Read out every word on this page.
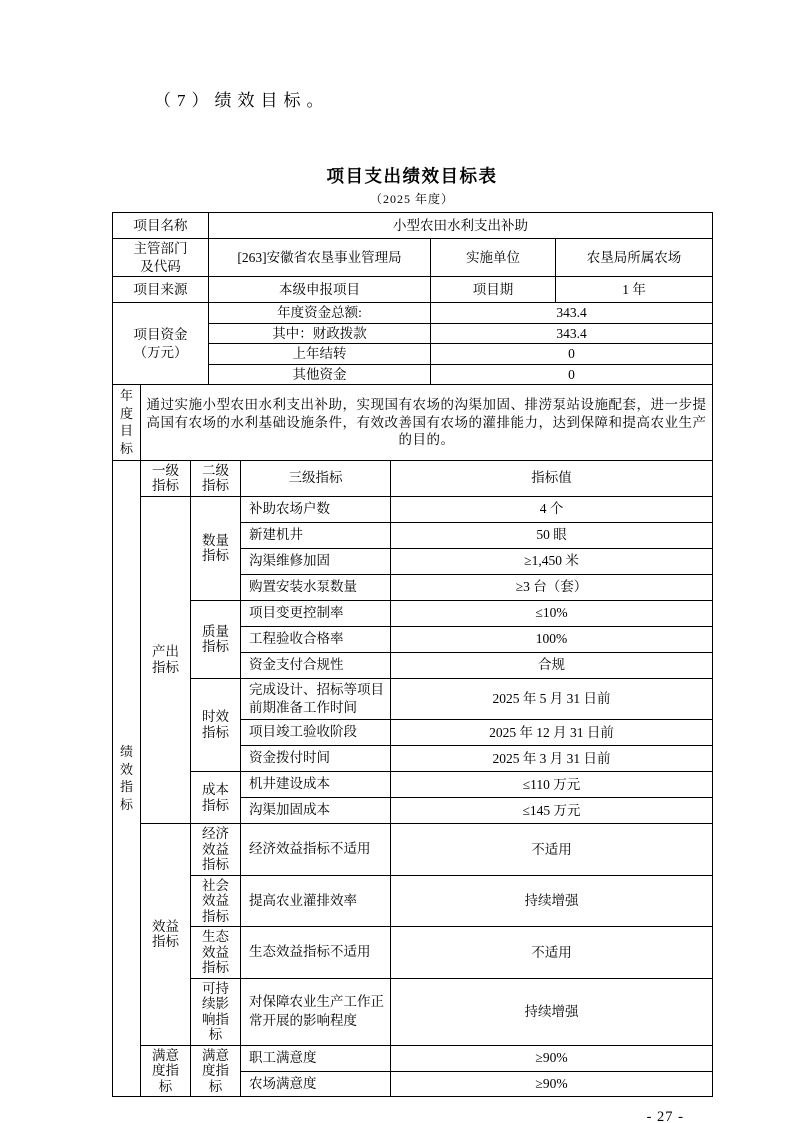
（7）绩效目标。

项目支出绩效目标表
（2025 年度）
项目名称	小型农田水利支出补助		
主管部门
及代码	[263]安徽省农垦事业管理局	实施单位	农垦局所属农场
项目来源	本级申报项目	项目期	1 年
项目资金
（万元）	年度资金总额:	343.4	
	其中：财政拨款	343.4	
	上年结转	0	
	其他资金	0	
年度目标	通过实施小型农田水利支出补助，实现国有农场的沟渠加固、排涝泵站设施配套，进一步提高国有农场的水利基础设施条件，有效改善国有农场的灌排能力，达到保障和提高农业生产的目的。
绩效指标	一级指标	二级指标	三级指标	指标值
	产出指标	数量指标	补助农场户数	4 个
			新建机井	50 眼
			沟渠维修加固	≥1,450 米
			购置安装水泵数量	≥3 台（套）
		质量指标	项目变更控制率	≤10%
			工程验收合格率	100%
			资金支付合规性	合规
		时效指标	完成设计、招标等项目前期准备工作时间	2025 年 5 月 31 日前
			项目竣工验收阶段	2025 年 12 月 31 日前
			资金拨付时间	2025 年 3 月 31 日前
		成本指标	机井建设成本	≤110 万元
			沟渠加固成本	≤145 万元
	效益指标	经济效益指标	经济效益指标不适用	不适用
		社会效益指标	提高农业灌排效率	持续增强
		生态效益指标	生态效益指标不适用	不适用
		可持续影响指标	对保障农业生产工作正常开展的影响程度	持续增强
	满意度指标	满意度指标	职工满意度	≥90%
			农场满意度	≥90%
- 27 -
